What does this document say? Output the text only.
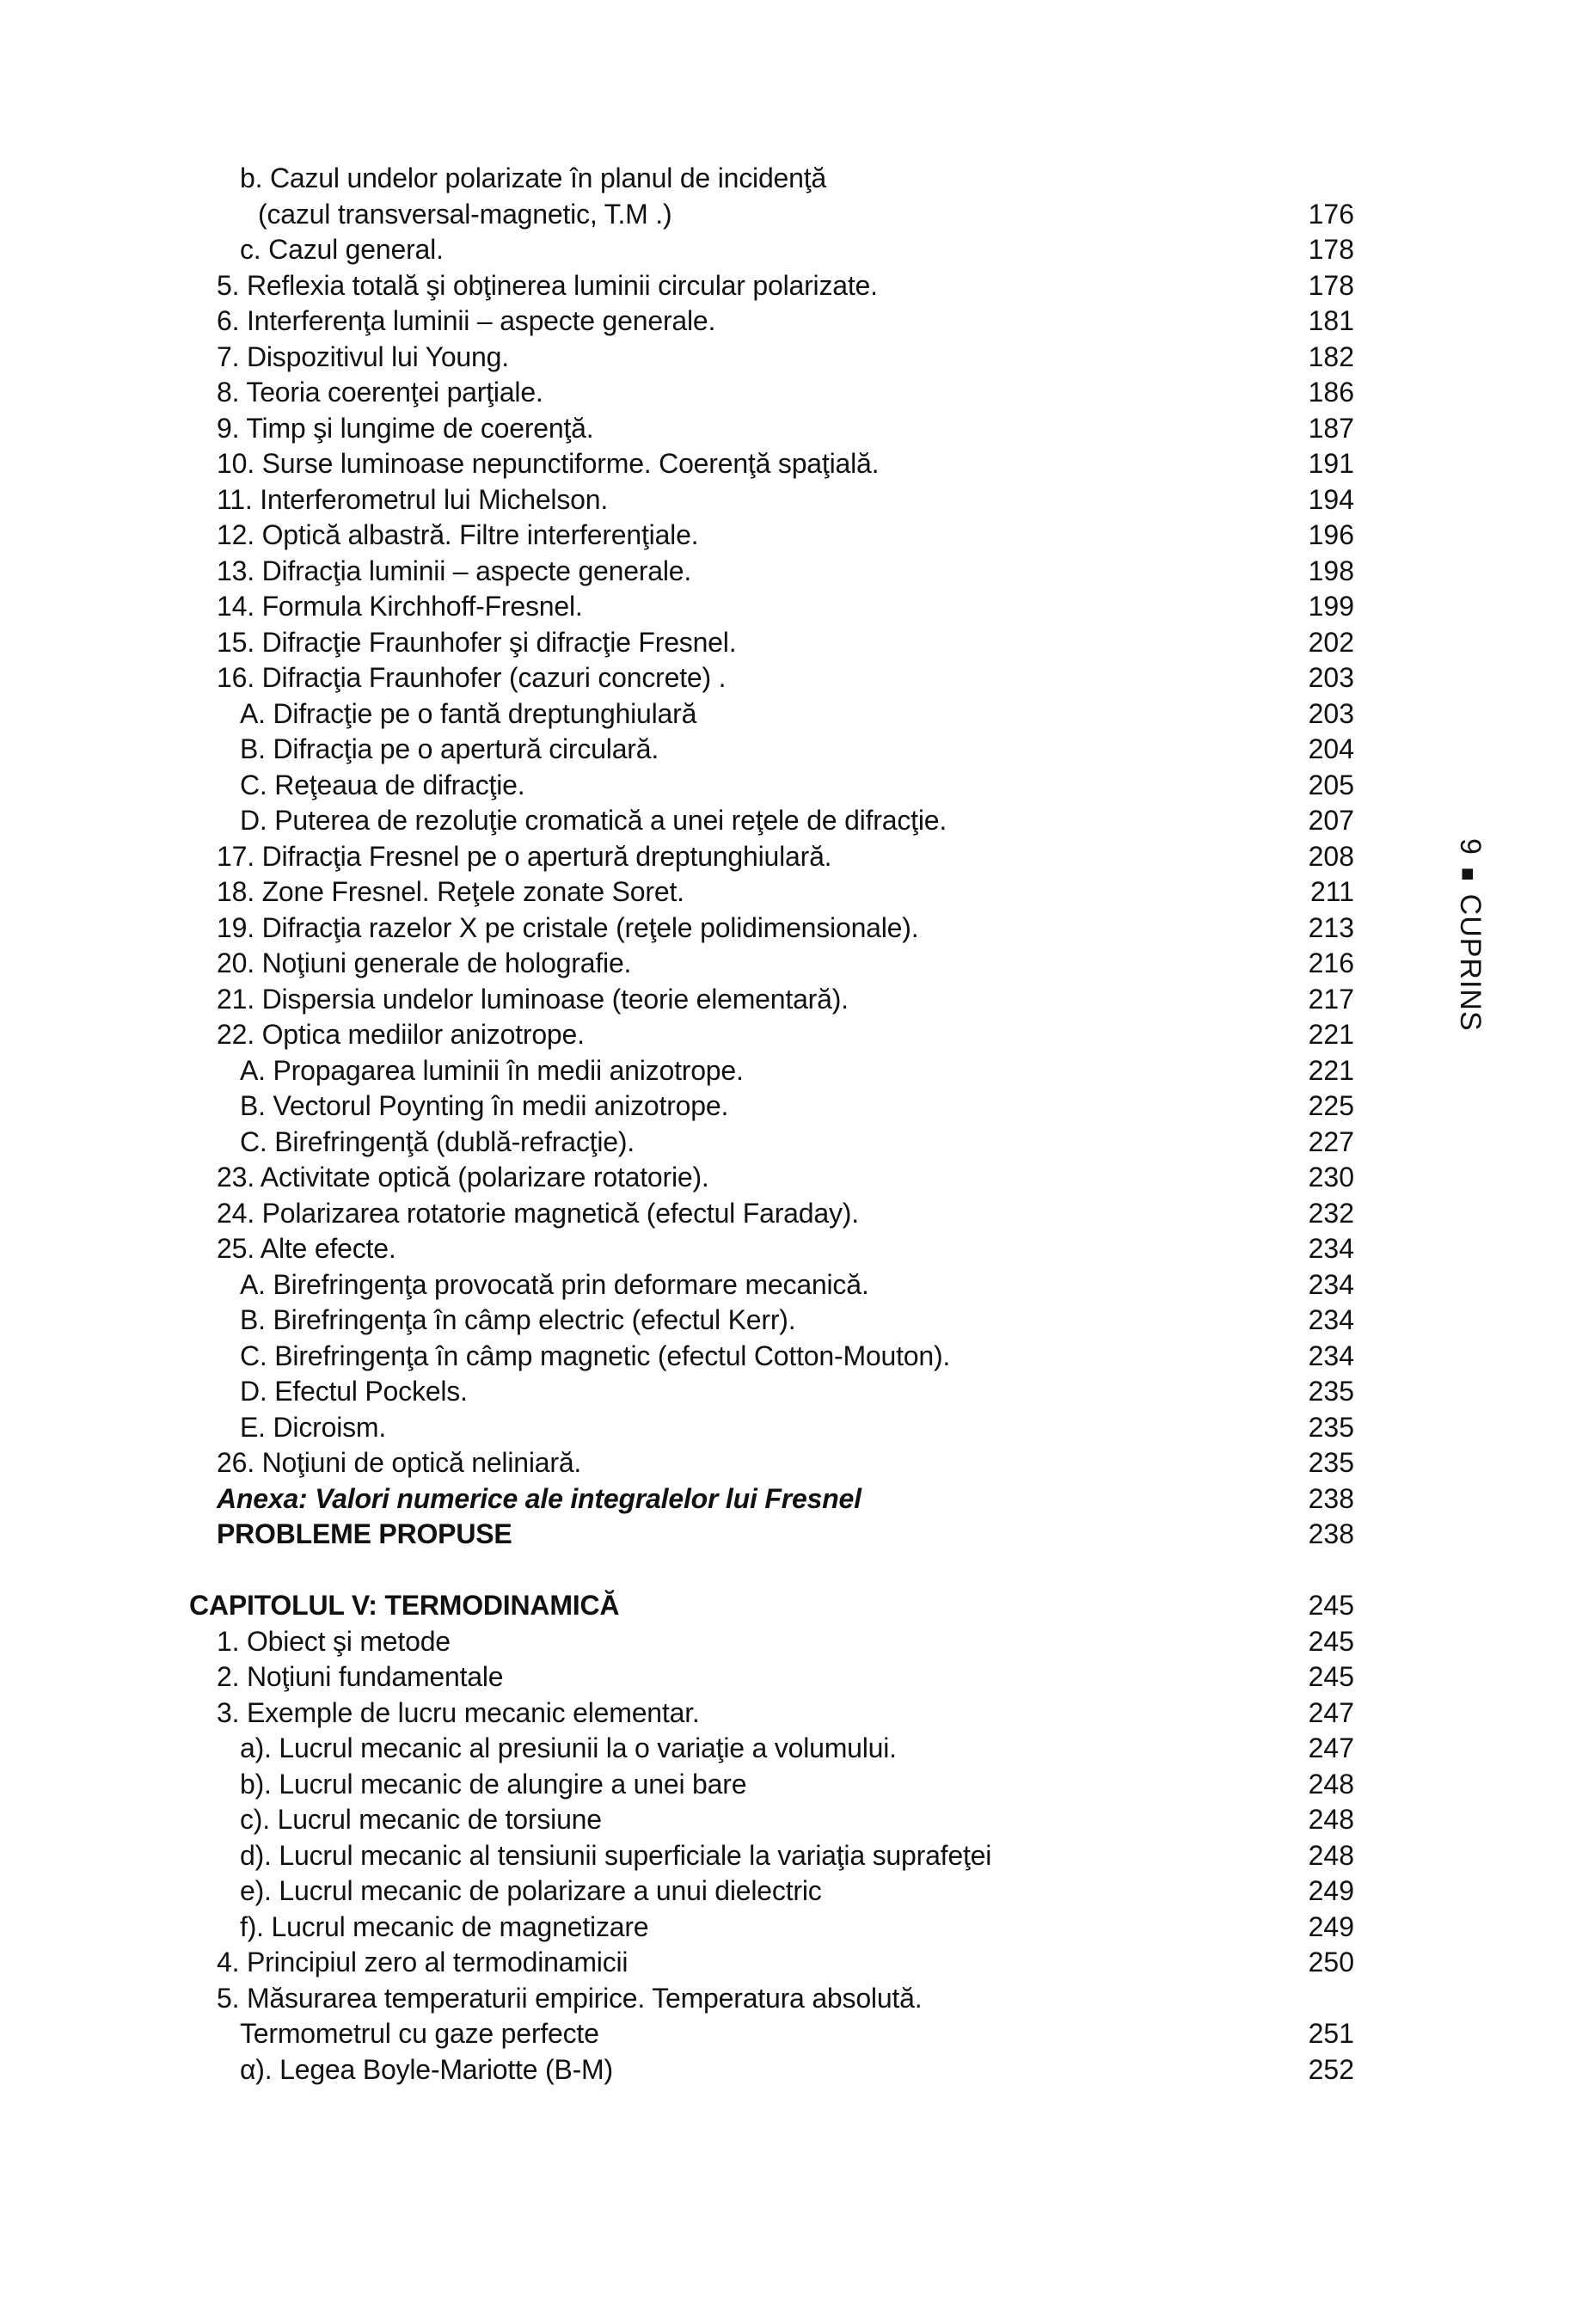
b. Cazul undelor polarizate în planul de incidenţă
(cazul transversal-magnetic, T.M .)	176
c. Cazul general.	178
5. Reflexia totală şi obţinerea luminii circular polarizate.	178
6. Interferenţa luminii – aspecte generale.	181
7. Dispozitivul lui Young.	182
8. Teoria coerenţei parţiale.	186
9. Timp şi lungime de coerenţă.	187
10. Surse luminoase nepunctiforme. Coerenţă spaţială.	191
11. Interferometrul lui Michelson.	194
12. Optică albastră. Filtre interferenţiale.	196
13. Difracţia luminii – aspecte generale.	198
14. Formula Kirchhoff-Fresnel.	199
15. Difracţie Fraunhofer şi difracţie Fresnel.	202
16. Difracţia Fraunhofer (cazuri concrete) .	203
A. Difracţie pe o fantă dreptunghiulară	203
B. Difracţia pe o apertură circulară.	204
C. Reţeaua de difracţie.	205
D. Puterea de rezoluţie cromatică a unei reţele de difracţie.	207
17. Difracţia Fresnel pe o apertură dreptunghiulară.	208
18. Zone Fresnel. Reţele zonate Soret.	211
19. Difracţia razelor X pe cristale (reţele polidimensionale).	213
20. Noţiuni generale de holografie.	216
21. Dispersia undelor luminoase (teorie elementară).	217
22. Optica mediilor anizotrope.	221
A. Propagarea luminii în medii anizotrope.	221
B. Vectorul Poynting în medii anizotrope.	225
C. Birefringenţă (dublă-refracţie).	227
23. Activitate optică (polarizare rotatorie).	230
24. Polarizarea rotatorie magnetică (efectul Faraday).	232
25. Alte efecte.	234
A. Birefringenţa provocată prin deformare mecanică.	234
B. Birefringenţa în câmp electric (efectul Kerr).	234
C. Birefringenţa în câmp magnetic (efectul Cotton-Mouton).	234
D. Efectul Pockels.	235
E. Dicroism.	235
26. Noţiuni de optică neliniară.	235
Anexa: Valori numerice ale integralelor lui Fresnel	238
PROBLEME PROPUSE	238
CAPITOLUL V: TERMODINAMICĂ	245
1. Obiect şi metode	245
2. Noţiuni fundamentale	245
3. Exemple de lucru mecanic elementar.	247
a). Lucrul mecanic al presiunii la o variaţie a volumului.	247
b). Lucrul mecanic de alungire a unei bare	248
c). Lucrul mecanic de torsiune	248
d). Lucrul mecanic al tensiunii superficiale la variaţia suprafeţei	248
e). Lucrul mecanic de polarizare a unui dielectric	249
f). Lucrul mecanic de magnetizare	249
4. Principiul zero al termodinamicii	250
5. Măsurarea temperaturii empirice. Temperatura absolută.
Termometrul cu gaze perfecte	251
α). Legea Boyle-Mariotte (B-M)	252
9■CUPRINS
